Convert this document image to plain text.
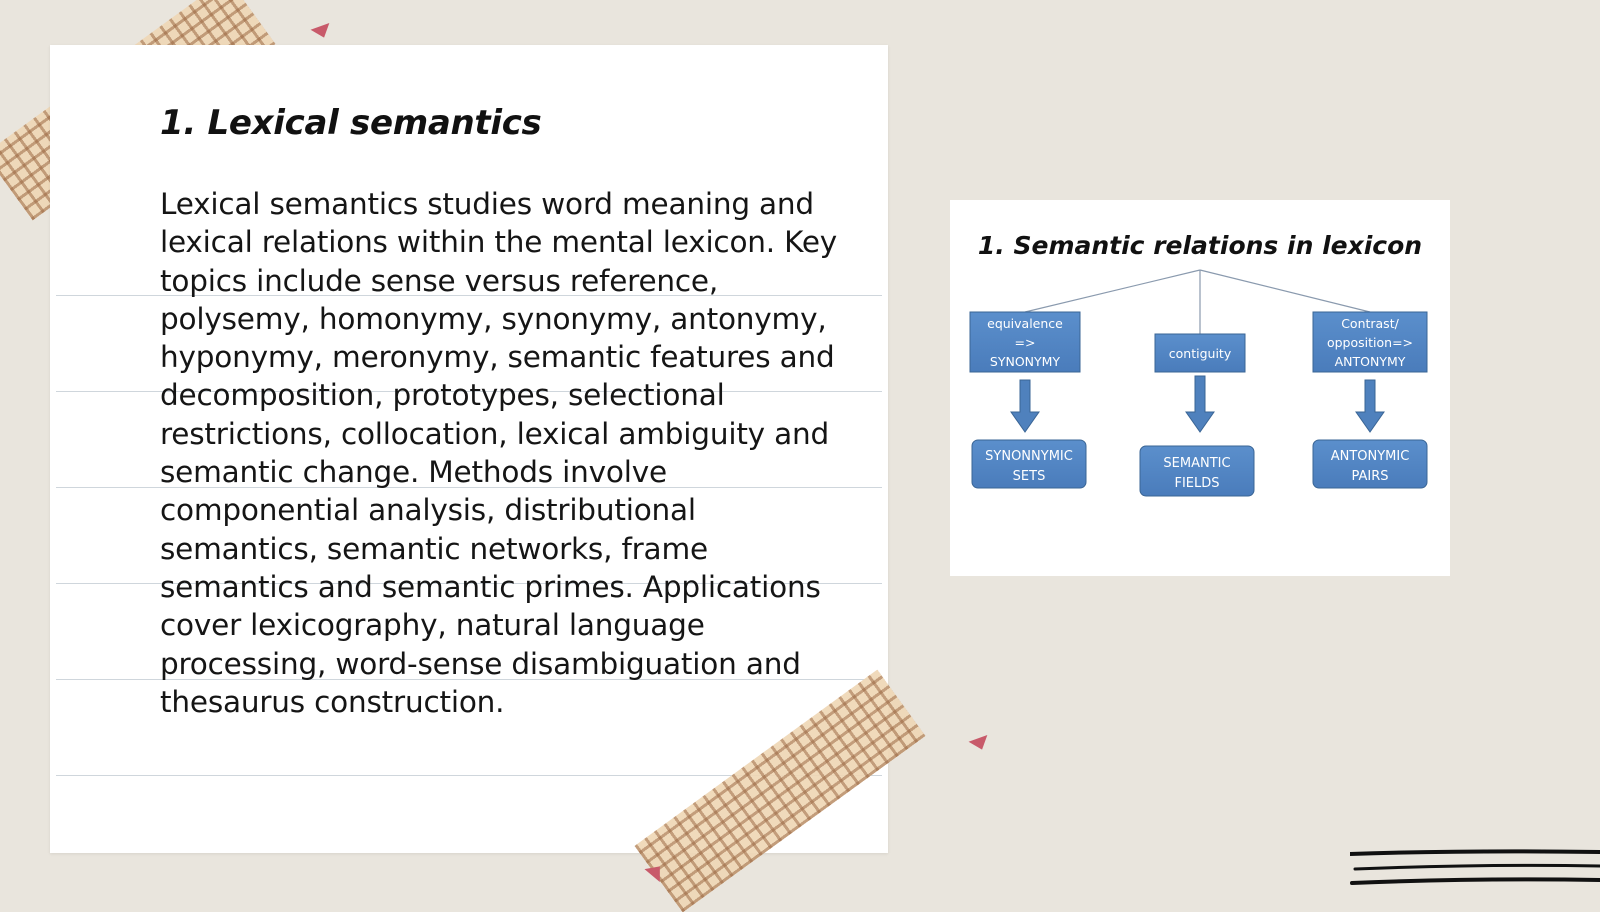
1. Lexical semantics

Lexical semantics studies word meaning and lexical relations within the mental lexicon. Key topics include sense versus reference, polysemy, homonymy, synonymy, antonymy, hyponymy, meronymy, semantic features and decomposition, prototypes, selectional restrictions, collocation, lexical ambiguity and semantic change. Methods involve componential analysis, distributional semantics, semantic networks, frame semantics and semantic primes. Applications cover lexicography, natural language processing, word-sense disambiguation and thesaurus construction.

1. Semantic relations in lexicon
equivalence
=>
SYNONYMY
contiguity
Contrast/
opposition=>
ANTONYMY
SYNONNYMIC
SETS
SEMANTIC
FIELDS
ANTONYMIC
PAIRS
